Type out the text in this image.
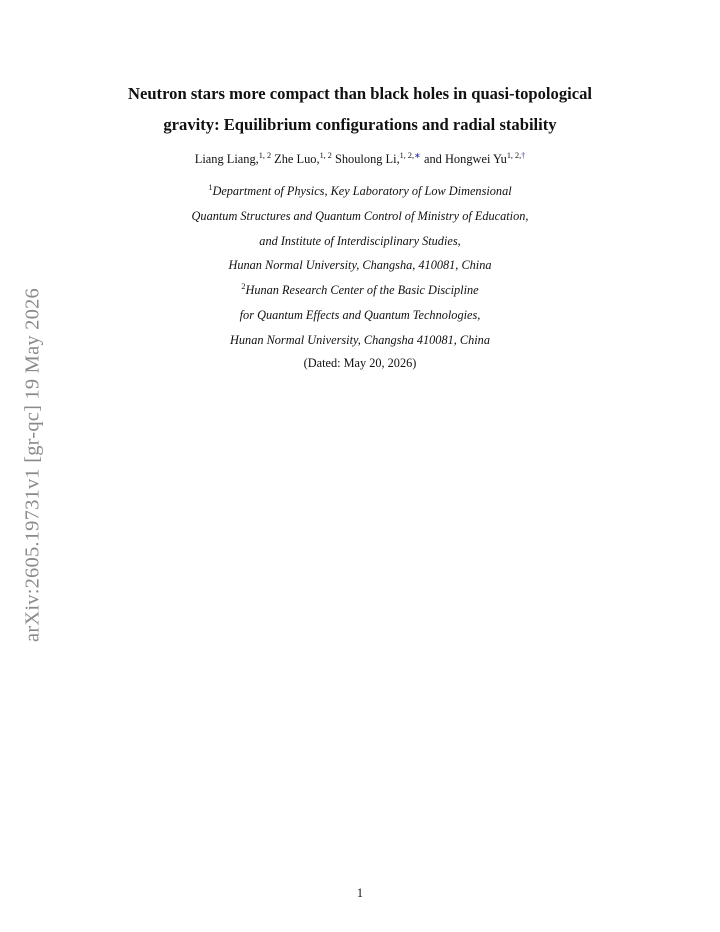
arXiv:2605.19731v1 [gr-qc] 19 May 2026
Neutron stars more compact than black holes in quasi-topological
gravity: Equilibrium configurations and radial stability
Liang Liang,$^{1, 2}$ Zhe Luo,$^{1, 2}$ Shoulong Li,$^{1, 2,∗}$ and Hongwei $Yu^{1, 2,\dagger}$
$^1$Department of Physics, Key Laboratory of Low Dimensional
Quantum Structures and Quantum Control of Ministry of Education,
and Institute of Interdisciplinary Studies,
Hunan Normal University, Changsha, 410081, China
$^2$Hunan Research Center of the Basic Discipline
for Quantum Effects and Quantum Technologies,
Hunan Normal University, Changsha 410081, China
(Dated: May 20, 2026)
1
